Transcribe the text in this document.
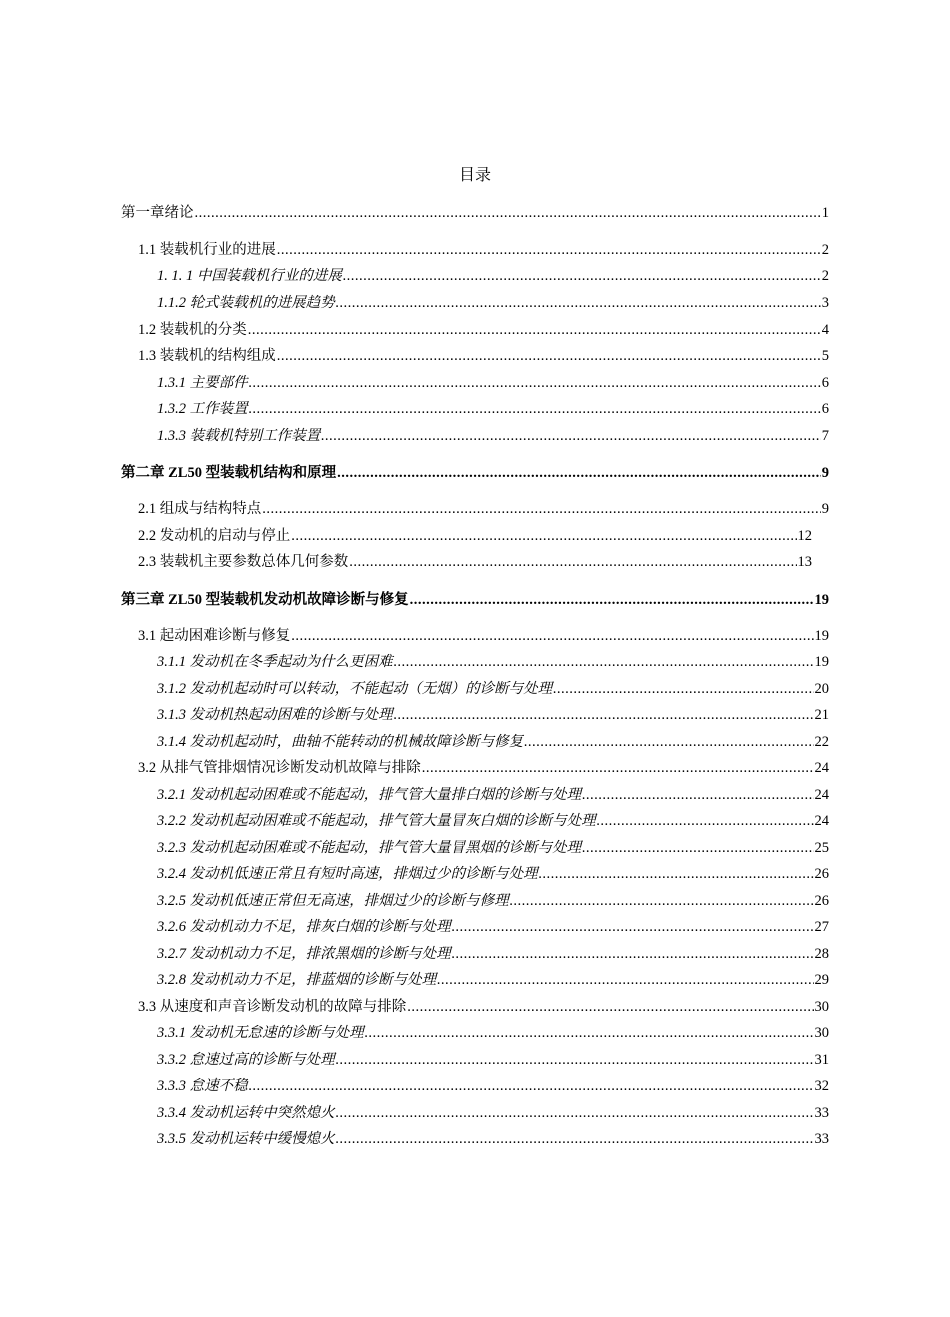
目录
第一章绪论 .....	1
1.1 装载机行业的进展 .....	2
1. 1. 1 中国装载机行业的进展 .....	2
1.1.2 轮式装载机的进展趋势 .....	3
1.2 装载机的分类 .....	4
1.3 装载机的结构组成 .....	5
1.3.1 主要部件 .....	6
1.3.2 工作装置 .....	6
1.3.3 装载机特别工作装置 .....	7
第二章 ZL50 型装载机结构和原理 .....	9
2.1 组成与结构特点 .....	9
2.2 发动机的启动与停止 .....	12
2.3 装载机主要参数总体几何参数 .....	13
第三章 ZL50 型装载机发动机故障诊断与修复 .....	19
3.1 起动困难诊断与修复 .....	19
3.1.1 发动机在冬季起动为什么更困难 .....	19
3.1.2 发动机起动时可以转动，不能起动（无烟）的诊断与处理 .....	20
3.1.3 发动机热起动困难的诊断与处理 .....	21
3.1.4 发动机起动时，曲轴不能转动的机械故障诊断与修复 .....	22
3.2 从排气管排烟情况诊断发动机故障与排除 .....	24
3.2.1 发动机起动困难或不能起动，排气管大量排白烟的诊断与处理 .....	24
3.2.2 发动机起动困难或不能起动，排气管大量冒灰白烟的诊断与处理 .....	24
3.2.3 发动机起动困难或不能起动，排气管大量冒黑烟的诊断与处理 .....	25
3.2.4 发动机低速正常且有短时高速，排烟过少的诊断与处理 .....	26
3.2.5 发动机低速正常但无高速，排烟过少的诊断与修理 .....	26
3.2.6 发动机动力不足，排灰白烟的诊断与处理 .....	27
3.2.7 发动机动力不足，排浓黑烟的诊断与处理 .....	28
3.2.8 发动机动力不足，排蓝烟的诊断与处理 .....	29
3.3 从速度和声音诊断发动机的故障与排除 .....	30
3.3.1 发动机无怠速的诊断与处理 .....	30
3.3.2 怠速过高的诊断与处理 .....	31
3.3.3 怠速不稳 .....	32
3.3.4 发动机运转中突然熄火 .....	33
3.3.5 发动机运转中缓慢熄火 .....	33
